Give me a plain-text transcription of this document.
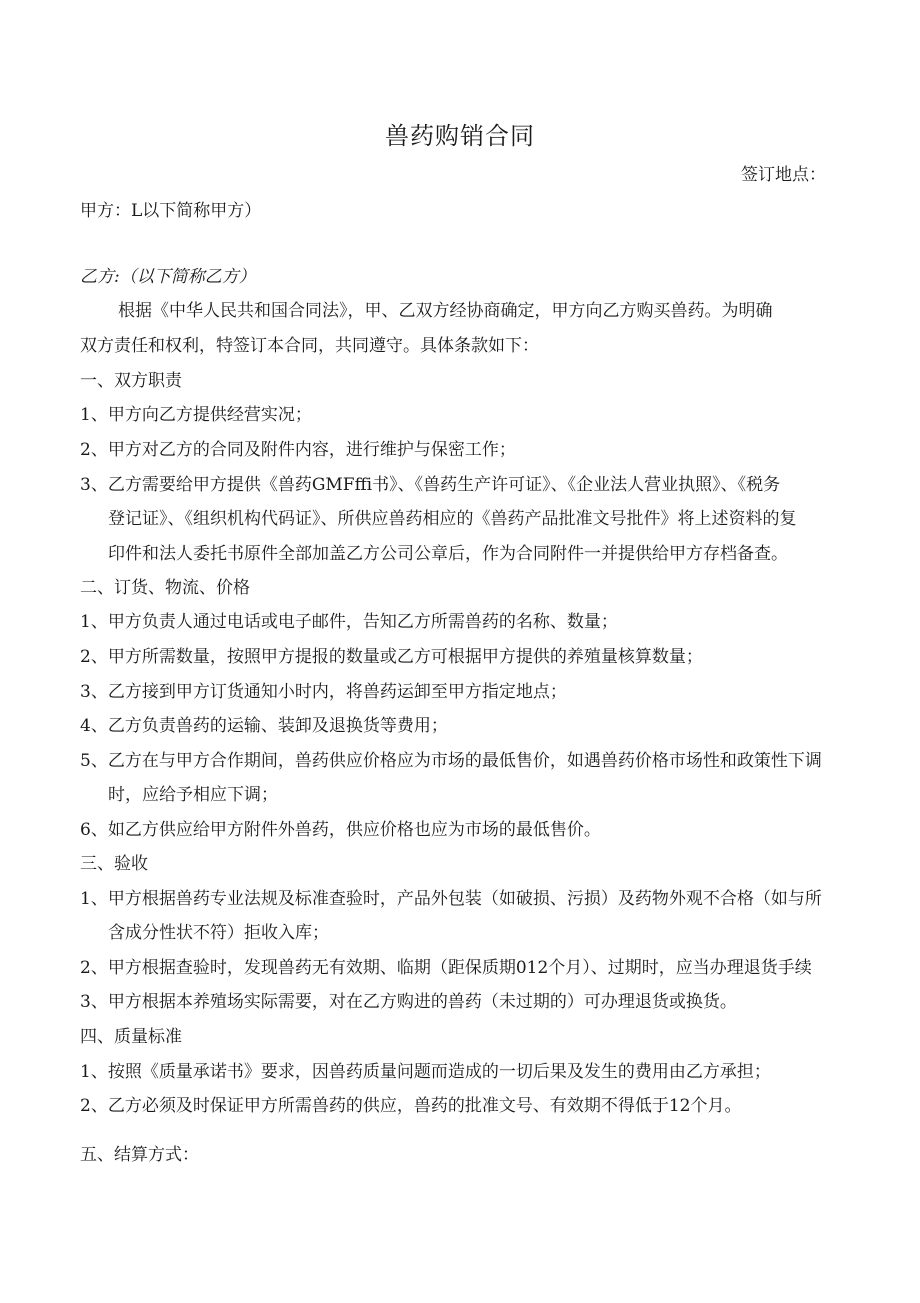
兽药购销合同
签订地点：
甲方：L以下简称甲方）
乙方:（以下简称乙方）
根据《中华人民共和国合同法》，甲、乙双方经协商确定，甲方向乙方购买兽药。为明确
双方责任和权利，特签订本合同，共同遵守。具体条款如下：
一、双方职责
1、甲方向乙方提供经营实况；
2、甲方对乙方的合同及附件内容，进行维护与保密工作；
3、乙方需要给甲方提供《兽药GMFffi书》、《兽药生产许可证》、《企业法人营业执照》、《税务
登记证》、《组织机构代码证》、所供应兽药相应的《兽药产品批准文号批件》将上述资料的复
印件和法人委托书原件全部加盖乙方公司公章后，作为合同附件一并提供给甲方存档备查。
二、订货、物流、价格
1、甲方负责人通过电话或电子邮件，告知乙方所需兽药的名称、数量；
2、甲方所需数量，按照甲方提报的数量或乙方可根据甲方提供的养殖量核算数量；
3、乙方接到甲方订货通知小时内，将兽药运卸至甲方指定地点；
4、乙方负责兽药的运输、装卸及退换货等费用；
5、乙方在与甲方合作期间，兽药供应价格应为市场的最低售价，如遇兽药价格市场性和政策性下调
时，应给予相应下调；
6、如乙方供应给甲方附件外兽药，供应价格也应为市场的最低售价。
三、验收
1、甲方根据兽药专业法规及标准查验时，产品外包装（如破损、污损）及药物外观不合格（如与所
含成分性状不符）拒收入库；
2、甲方根据查验时，发现兽药无有效期、临期（距保质期012个月）、过期时，应当办理退货手续
3、甲方根据本养殖场实际需要，对在乙方购进的兽药（未过期的）可办理退货或换货。
四、质量标准
1、按照《质量承诺书》要求，因兽药质量问题而造成的一切后果及发生的费用由乙方承担；
2、乙方必须及时保证甲方所需兽药的供应，兽药的批准文号、有效期不得低于12个月。
五、结算方式：
